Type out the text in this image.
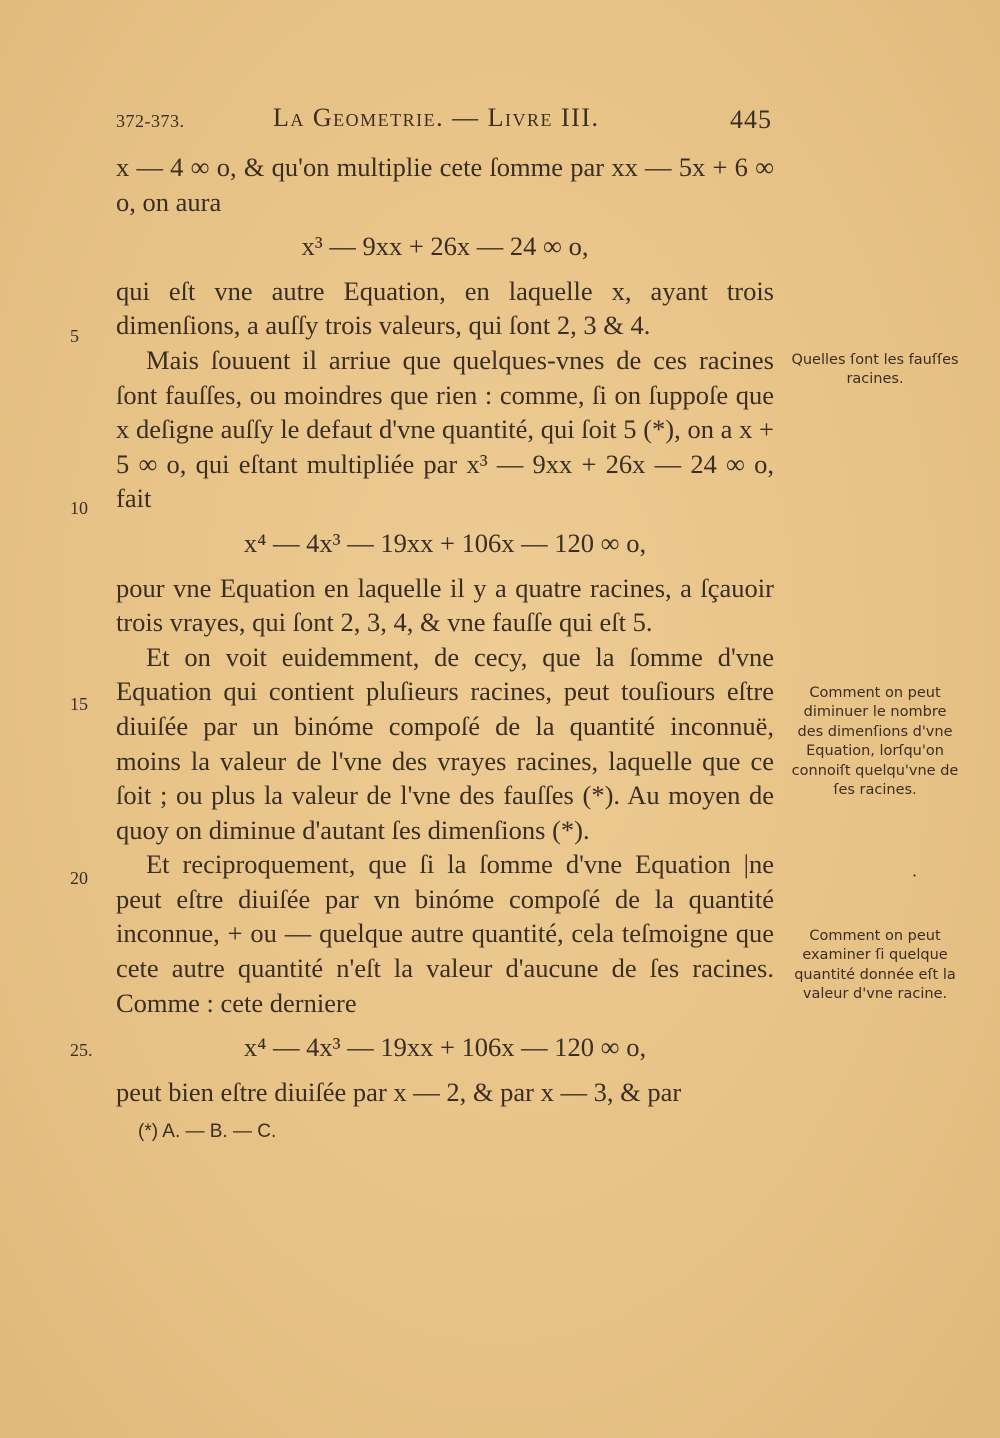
372-373.	La Geometrie. — Livre III.	445

x — 4 ∞ o, & qu'on multiplie cete ſomme par xx — 5x + 6 ∞ o, on aura

x³ — 9xx + 26x — 24 ∞ o,

qui eſt vne autre Equation, en laquelle x, ayant trois dimenſions, a auſſy trois valeurs, qui ſont 2, 3 & 4.

Mais ſouuent il arriue que quelques-vnes de ces racines ſont fauſſes, ou moindres que rien : comme, ſi on ſuppoſe que x deſigne auſſy le defaut d'vne quantité, qui ſoit 5 (*), on a x + 5 ∞ o, qui eſtant multipliée par x³ — 9xx + 26x — 24 ∞ o, fait

x⁴ — 4x³ — 19xx + 106x — 120 ∞ o,

pour vne Equation en laquelle il y a quatre racines, a ſçauoir trois vrayes, qui ſont 2, 3, 4, & vne fauſſe qui eſt 5.

Et on voit euidemment, de cecy, que la ſomme d'vne Equation qui contient pluſieurs racines, peut touſiours eſtre diuiſée par un binóme compoſé de la quantité inconnuë, moins la valeur de l'vne des vrayes racines, laquelle que ce ſoit ; ou plus la valeur de l'vne des fauſſes (*). Au moyen de quoy on diminue d'autant ſes dimenſions (*).

Et reciproquement, que ſi la ſomme d'vne Equation |ne peut eſtre diuiſée par vn binóme compoſé de la quantité inconnue, + ou — quelque autre quantité, cela teſmoigne que cete autre quantité n'eſt la valeur d'aucune de ſes racines. Comme : cete derniere

x⁴ — 4x³ — 19xx + 106x — 120 ∞ o,

peut bien eſtre diuiſée par x — 2, & par x — 3, & par

(*) A. — B. — C.
5
10
15
20
25.
Quelles ſont les fauſſes racines.
Comment on peut diminuer le nombre des dimenſions d'vne Equation, lorſqu'on connoiſt quelqu'vne de ſes racines.
Comment on peut examiner ſi quelque quantité donnée eſt la valeur d'vne racine.
·
